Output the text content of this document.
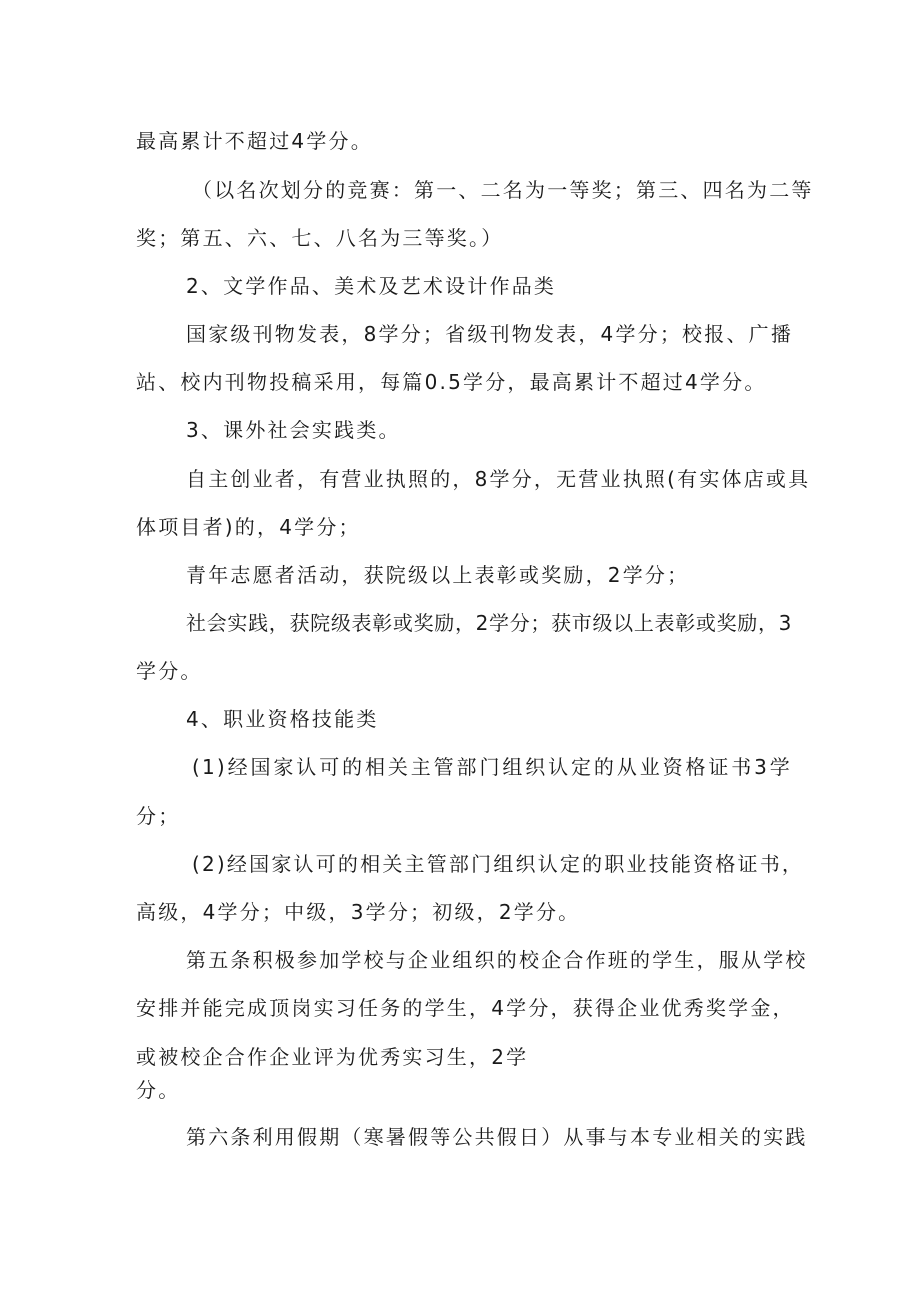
最高累计不超过4学分。
（以名次划分的竞赛：第一、二名为一等奖；第三、四名为二等
奖；第五、六、七、八名为三等奖。）
2、文学作品、美术及艺术设计作品类
国家级刊物发表，8学分；省级刊物发表，4学分；校报、广播
站、校内刊物投稿采用，每篇0.5学分，最高累计不超过4学分。
3、课外社会实践类。
自主创业者，有营业执照的，8学分，无营业执照(有实体店或具
体项目者)的，4学分；
青年志愿者活动，获院级以上表彰或奖励，2学分；
社会实践，获院级表彰或奖励，2学分；获市级以上表彰或奖励，3
学分。
4、职业资格技能类
(1)经国家认可的相关主管部门组织认定的从业资格证书3学
分；
(2)经国家认可的相关主管部门组织认定的职业技能资格证书，
高级，4学分；中级，3学分；初级，2学分。
第五条积极参加学校与企业组织的校企合作班的学生，服从学校
安排并能完成顶岗实习任务的学生，4学分，获得企业优秀奖学金，
或被校企合作企业评为优秀实习生，2学
分。
第六条利用假期（寒暑假等公共假日）从事与本专业相关的实践
